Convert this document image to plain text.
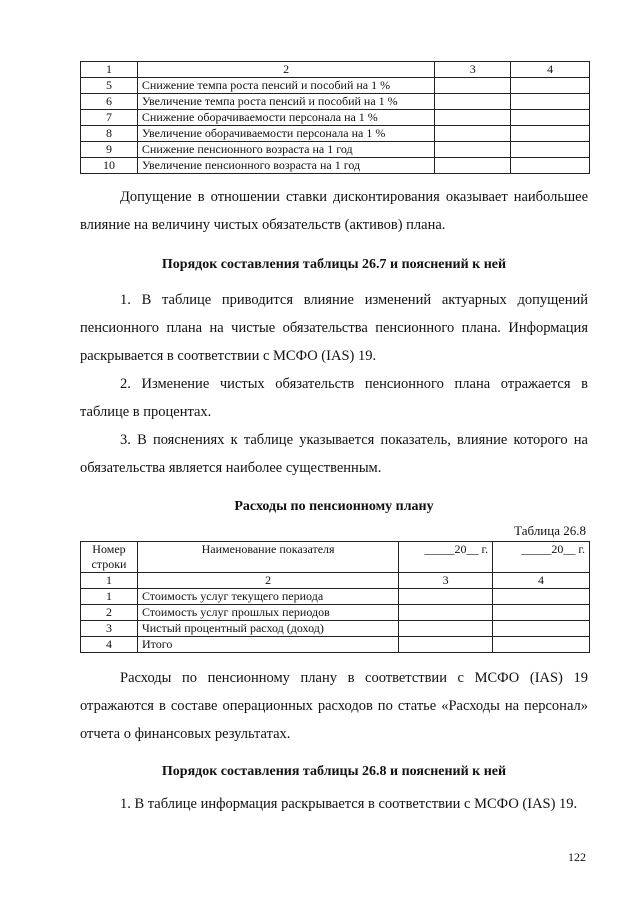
1	2	3	4
5	Снижение темпа роста пенсий и пособий на 1 %		
6	Увеличение темпа роста пенсий и пособий на 1 %		
7	Снижение оборачиваемости персонала на 1 %		
8	Увеличение оборачиваемости персонала на 1 %		
9	Снижение пенсионного возраста на 1 год		
10	Увеличение пенсионного возраста на 1 год		

Допущение в отношении ставки дисконтирования оказывает наибольшее влияние на величину чистых обязательств (активов) плана.

Порядок составления таблицы 26.7 и пояснений к ней

1. В таблице приводится влияние изменений актуарных допущений пенсионного плана на чистые обязательства пенсионного плана. Информация раскрывается в соответствии с МСФО (IAS) 19.

2. Изменение чистых обязательств пенсионного плана отражается в таблице в процентах.

3. В пояснениях к таблице указывается показатель, влияние которого на обязательства является наиболее существенным.

Расходы по пенсионному плану

Таблица 26.8

Номер строки	Наименование показателя	_____20__ г.	_____20__ г.
1	2	3	4
1	Стоимость услуг текущего периода		
2	Стоимость услуг прошлых периодов		
3	Чистый процентный расход (доход)		
4	Итого		

Расходы по пенсионному плану в соответствии с МСФО (IAS) 19 отражаются в составе операционных расходов по статье «Расходы на персонал» отчета о финансовых результатах.

Порядок составления таблицы 26.8 и пояснений к ней

1. В таблице информация раскрывается в соответствии с МСФО (IAS) 19.

122
